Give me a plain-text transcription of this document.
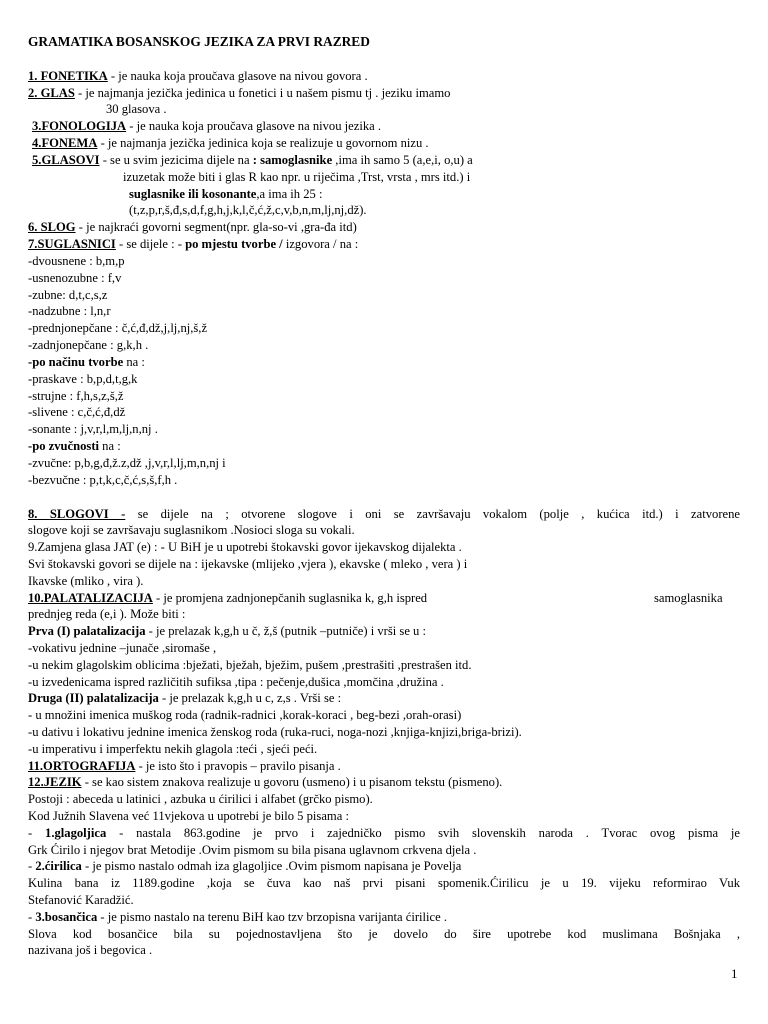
GRAMATIKA BOSANSKOG JEZIKA ZA PRVI RAZRED
1. FONETIKA - je nauka koja proučava glasove na nivou govora .
2. GLAS - je najmanja jezička jedinica u fonetici i u našem pismu tj . jeziku imamo
30 glasova .
3.FONOLOGIJA - je nauka koja proučava glasove na nivou jezika .
4.FONEMA - je najmanja jezička jedinica koja se realizuje u govornom nizu .
5.GLASOVI - se u svim jezicima dijele na : samoglasnike ,ima ih samo 5 (a,e,i, o,u) a
izuzetak može biti i glas R kao npr. u riječima ,Trst, vrsta , mrs itd.) i
suglasnike ili kosonante,a ima ih 25 :
(t,z,p,r,š,đ,s,d,f,g,h,j,k,l,č,ć,ž,c,v,b,n,m,lj,nj,dž).
6. SLOG - je najkraći govorni segment(npr. gla-so-vi ,gra-đa itd)
7.SUGLASNICI - se dijele : - po mjestu tvorbe / izgovora / na :
-dvousnene : b,m,p
-usnenozubne : f,v
-zubne: d,t,c,s,z
-nadzubne : l,n,r
-prednjonepčane : č,ć,đ,dž,j,lj,nj,š,ž
-zadnjonepčane : g,k,h .
-po načinu tvorbe na :
-praskave : b,p,d,t,g,k
-strujne : f,h,s,z,š,ž
-slivene : c,č,ć,đ,dž
-sonante : j,v,r,l,m,lj,n,nj .
-po zvučnosti na :
-zvučne: p,b,g,đ,ž.z,dž ,j,v,r,l,lj,m,n,nj i
-bezvučne : p,t,k,c,č,ć,s,š,f,h .
8. SLOGOVI - se dijele na ; otvorene slogove i oni se završavaju vokalom (polje , kućica itd.) i zatvorene
slogove koji se završavaju suglasnikom .Nosioci sloga su vokali.
9.Zamjena glasa JAT (e) : - U BiH je u upotrebi štokavski govor ijekavskog dijalekta .
Svi štokavski govori se dijele na : ijekavske (mlijeko ,vjera ), ekavske ( mleko , vera ) i
Ikavske (mliko , vira ).
10.PALATALIZACIJA - je promjena zadnjonepčanih suglasnika k, g,h ispred	samoglasnika
prednjeg reda (e,i ). Može biti :
Prva (I) palatalizacija - je prelazak k,g,h u č, ž,š (putnik –putniče) i vrši se u :
-vokativu jednine –junače ,siromaše ,
-u nekim glagolskim oblicima :bježati, bježah, bježim, pušem ,prestrašiti ,prestrašen itd.
-u izvedenicama ispred različitih sufiksa ,tipa : pečenje,dušica ,momčina ,družina .
Druga (II) palatalizacija - je prelazak k,g,h u c, z,s . Vrši se :
- u množini imenica muškog roda (radnik-radnici ,korak-koraci , beg-bezi ,orah-orasi)
-u dativu i lokativu jednine imenica ženskog roda (ruka-ruci, noga-nozi ,knjiga-knjizi,briga-brizi).
-u imperativu i imperfektu nekih glagola :teći , sjeći peći.
11.ORTOGRAFIJA - je isto što i pravopis – pravilo pisanja .
12.JEZIK - se kao sistem znakova realizuje u govoru (usmeno) i u pisanom tekstu (pismeno).
Postoji : abeceda u latinici , azbuka u ćirilici i alfabet (grčko pismo).
Kod Južnih Slavena već 11vjekova u upotrebi je bilo 5 pisama :
- 1.glagoljica - nastala 863.godine je prvo i zajedničko pismo svih slovenskih naroda . Tvorac ovog pisma je
Grk Ćirilo i njegov brat Metodije .Ovim pismom su bila pisana uglavnom crkvena djela .
- 2.ćirilica - je pismo nastalo odmah iza glagoljice .Ovim pismom napisana je Povelja
Kulina bana iz 1189.godine ,koja se čuva kao naš prvi pisani spomenik.Ćirilicu je u 19. vijeku reformirao Vuk
Stefanović Karadžić.
- 3.bosančica - je pismo nastalo na terenu BiH kao tzv brzopisna varijanta ćirilice .
Slova kod bosančice bila su pojednostavljena što je dovelo do šire upotrebe kod muslimana Bošnjaka ,
nazivana još i begovica .
1
